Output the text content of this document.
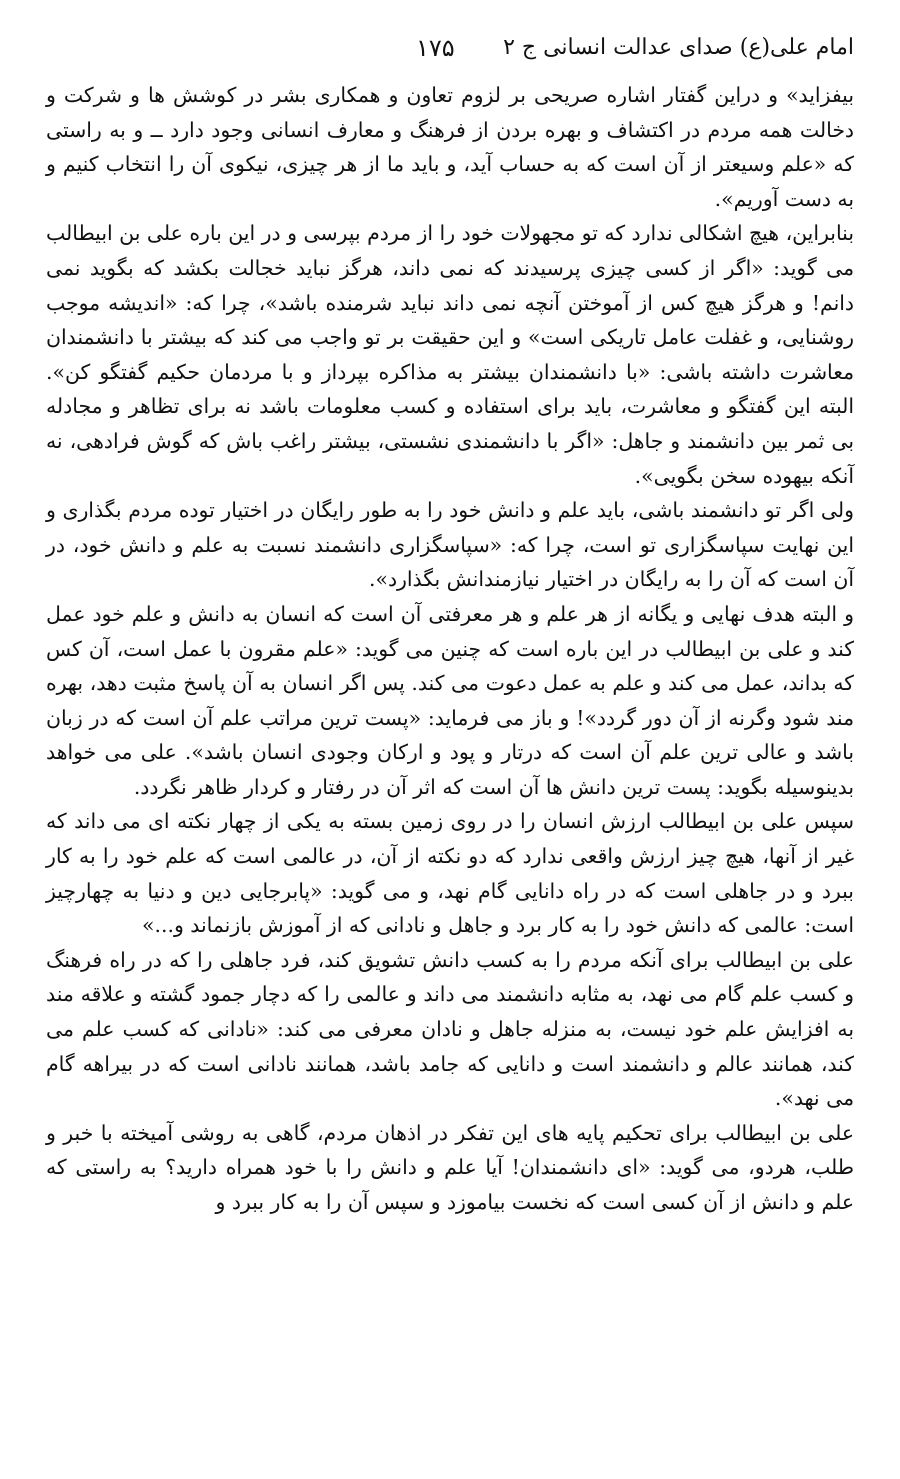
امام علی(ع) صدای عدالت انسانی ج ۲
۱۷۵

بیفزاید» و دراین گفتار اشاره صریحی بر لزوم تعاون و همکاری بشر در کوشش ها و شرکت و دخالت همه مردم در اکتشاف و بهره بردن از فرهنگ و معارف انسانی وجود دارد ــ و به راستی که «علم وسیعتر از آن است که به حساب آید، و باید ما از هر چیزی، نیکوی آن را انتخاب کنیم و به دست آوریم».

بنابراین، هیچ اشکالی ندارد که تو مجهولات خود را از مردم بپرسی و در این باره علی بن ابیطالب می گوید: «اگر از کسی چیزی پرسیدند که نمی داند، هرگز نباید خجالت بکشد که بگوید نمی دانم! و هرگز هیچ کس از آموختن آنچه نمی داند نباید شرمنده باشد»، چرا که: «اندیشه موجب روشنایی، و غفلت عامل تاریکی است» و این حقیقت بر تو واجب می کند که بیشتر با دانشمندان معاشرت داشته باشی: «با دانشمندان بیشتر به مذاکره بپرداز و با مردمان حکیم گفتگو کن». البته این گفتگو و معاشرت، باید برای استفاده و کسب معلومات باشد نه برای تظاهر و مجادله بی ثمر بین دانشمند و جاهل: «اگر با دانشمندی نشستی، بیشتر راغب باش که گوش فرادهی، نه آنکه بیهوده سخن بگویی».

ولی اگر تو دانشمند باشی، باید علم و دانش خود را به طور رایگان در اختیار توده مردم بگذاری و این نهایت سپاسگزاری تو است، چرا که: «سپاسگزاری دانشمند نسبت به علم و دانش خود، در آن است که آن را به رایگان در اختیار نیازمندانش بگذارد».

و البته هدف نهایی و یگانه از هر علم و هر معرفتی آن است که انسان به دانش و علم خود عمل کند و علی بن ابیطالب در این باره است که چنین می گوید: «علم مقرون با عمل است، آن کس که بداند، عمل می کند و علم به عمل دعوت می کند. پس اگر انسان به آن پاسخ مثبت دهد، بهره مند شود وگرنه از آن دور گردد»! و باز می فرماید: «پست ترین مراتب علم آن است که در زبان باشد و عالی ترین علم آن است که درتار و پود و ارکان وجودی انسان باشد». علی می خواهد بدینوسیله بگوید: پست ترین دانش ها آن است که اثر آن در رفتار و کردار ظاهر نگردد.

سپس علی بن ابیطالب ارزش انسان را در روی زمین بسته به یکی از چهار نکته ای می داند که غیر از آنها، هیچ چیز ارزش واقعی ندارد که دو نکته از آن، در عالمی است که علم خود را به کار ببرد و در جاهلی است که در راه دانایی گام نهد، و می گوید: «پابرجایی دین و دنیا به چهارچیز است: عالمی که دانش خود را به کار برد و جاهل و نادانی که از آموزش بازنماند و...»

علی بن ابیطالب برای آنکه مردم را به کسب دانش تشویق کند، فرد جاهلی را که در راه فرهنگ و کسب علم گام می نهد، به مثابه دانشمند می داند و عالمی را که دچار جمود گشته و علاقه مند به افزایش علم خود نیست، به منزله جاهل و نادان معرفی می کند: «نادانی که کسب علم می کند، همانند عالم و دانشمند است و دانایی که جامد باشد، همانند نادانی است که در بیراهه گام می نهد».

علی بن ابیطالب برای تحکیم پایه های این تفکر در اذهان مردم، گاهی به روشی آمیخته با خبر و طلب، هردو، می گوید: «ای دانشمندان! آیا علم و دانش را با خود همراه دارید؟ به راستی که علم و دانش از آن کسی است که نخست بیاموزد و سپس آن را به کار ببرد و
